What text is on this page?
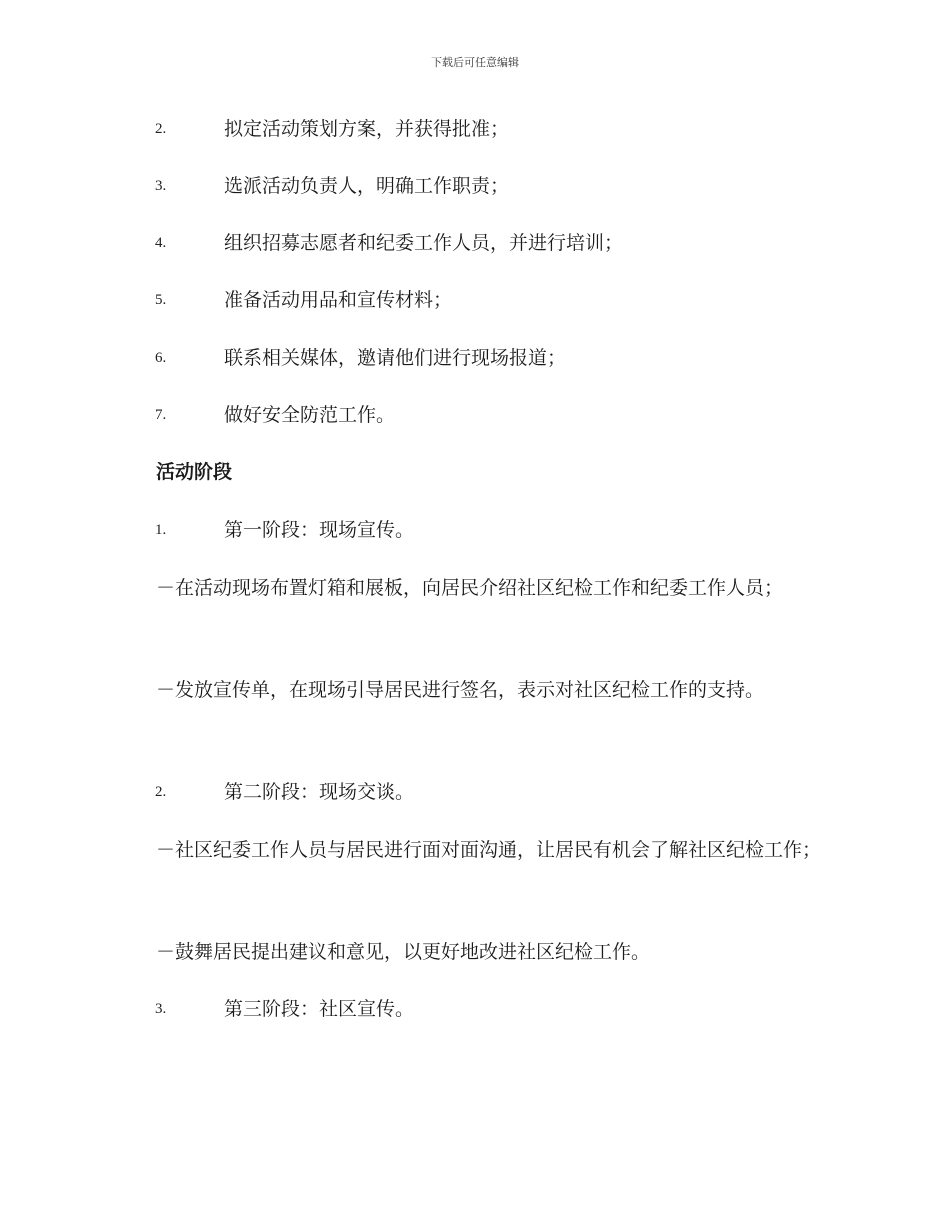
下载后可任意编辑
2.	拟定活动策划方案，并获得批准；
3.	选派活动负责人，明确工作职责；
4.	组织招募志愿者和纪委工作人员，并进行培训；
5.	准备活动用品和宣传材料；
6.	联系相关媒体，邀请他们进行现场报道；
7.	做好安全防范工作。
活动阶段
1.	第一阶段：现场宣传。
－在活动现场布置灯箱和展板，向居民介绍社区纪检工作和纪委工作人员；
－发放宣传单，在现场引导居民进行签名，表示对社区纪检工作的支持。
2.	第二阶段：现场交谈。
－社区纪委工作人员与居民进行面对面沟通，让居民有机会了解社区纪检工作；
－鼓舞居民提出建议和意见，以更好地改进社区纪检工作。
3.	第三阶段：社区宣传。
